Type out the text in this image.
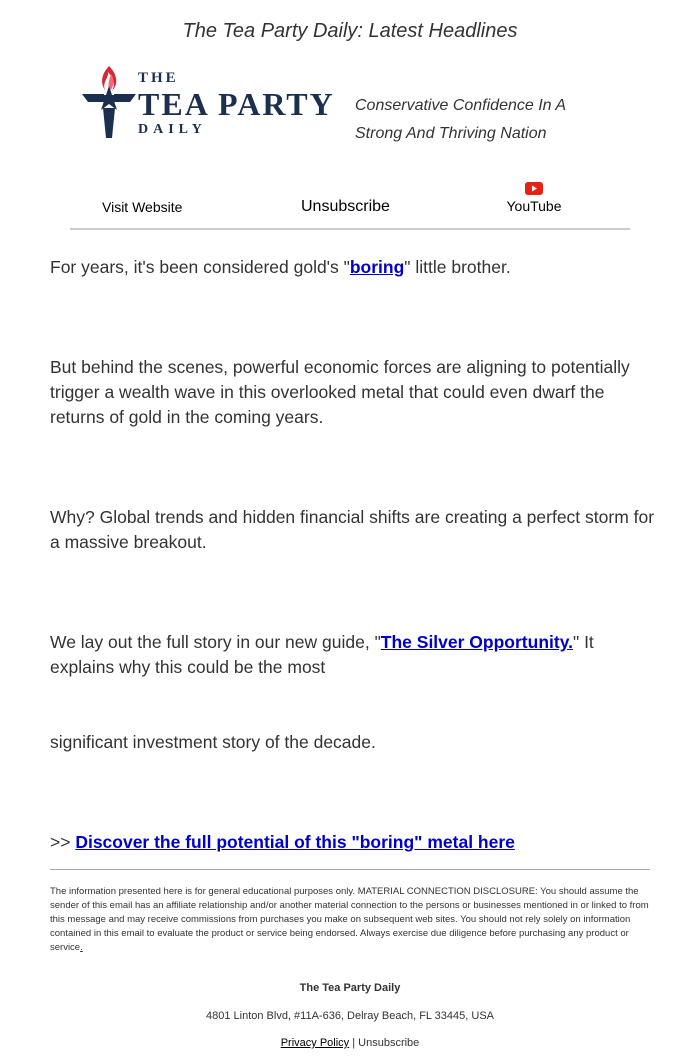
The Tea Party Daily: Latest Headlines
THE
TEA PARTY
DAILY
Conservative Confidence In A
Strong And Thriving Nation
Visit Website	Unsubscribe	YouTube

For years, it's been considered gold's "boring" little brother.

But behind the scenes, powerful economic forces are aligning to potentially trigger a wealth wave in this overlooked metal that could even dwarf the returns of gold in the coming years.

Why? Global trends and hidden financial shifts are creating a perfect storm for a massive breakout.

We lay out the full story in our new guide, "The Silver Opportunity." It explains why this could be the most

significant investment story of the decade.

>> Discover the full potential of this "boring" metal here

The information presented here is for general educational purposes only. MATERIAL CONNECTION DISCLOSURE: You should assume the sender of this email has an affiliate relationship and/or another material connection to the persons or businesses mentioned in or linked to from this message and may receive commissions from purchases you make on subsequent web sites. You should not rely solely on information contained in this email to evaluate the product or service being endorsed. Always exercise due diligence before purchasing any product or service.
The Tea Party Daily
4801 Linton Blvd, #11A-636, Delray Beach, FL 33445, USA
Privacy Policy | Unsubscribe
